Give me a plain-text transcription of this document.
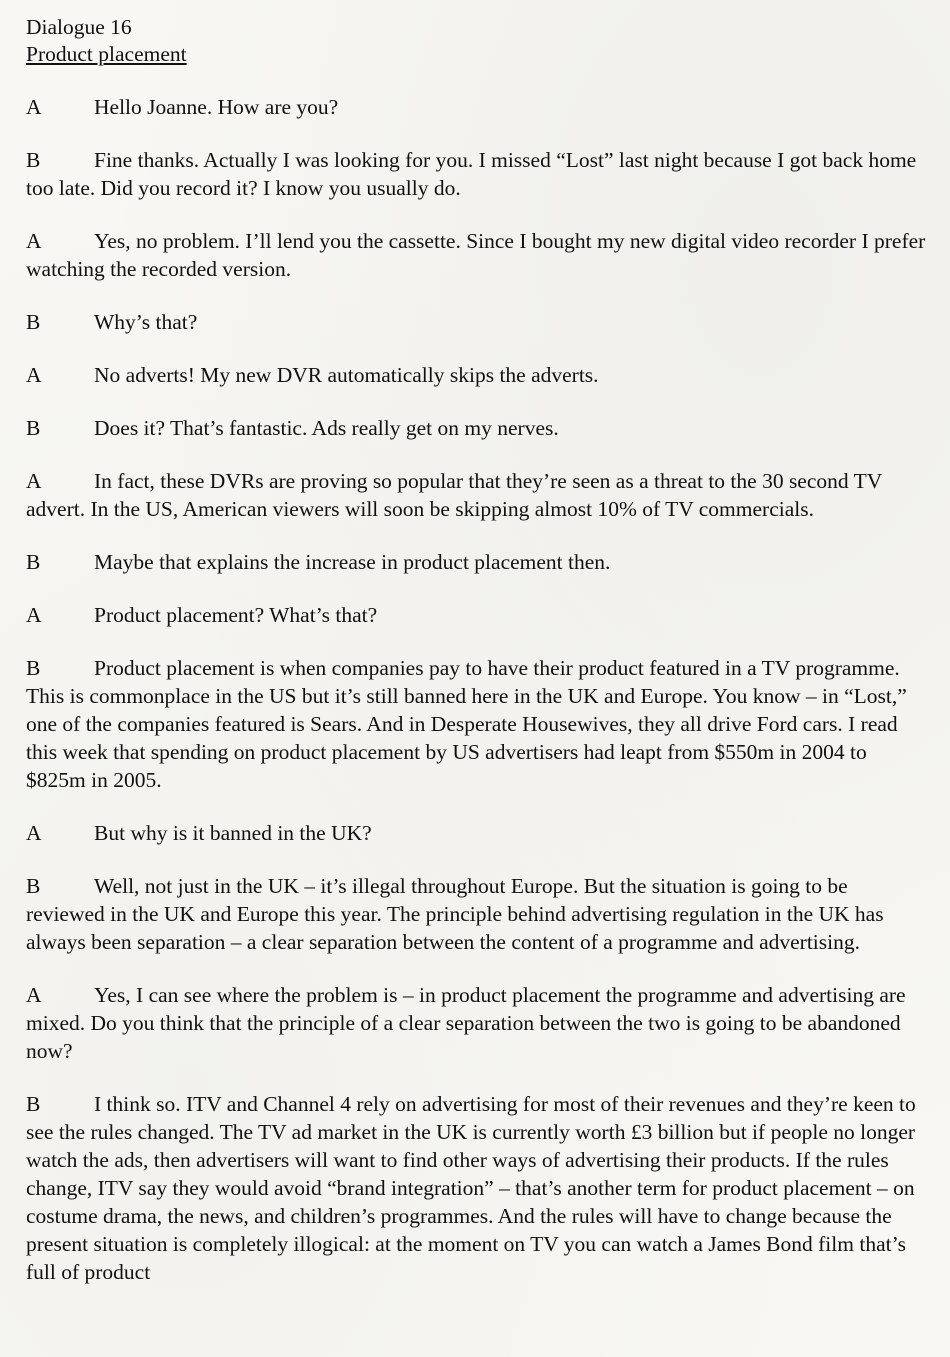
Dialogue 16
Product placement
A Hello Joanne. How are you?
B Fine thanks. Actually I was looking for you. I missed “Lost” last night because I got back home too late. Did you record it? I know you usually do.
A Yes, no problem. I’ll lend you the cassette. Since I bought my new digital video recorder I prefer watching the recorded version.
B Why’s that?
A No adverts! My new DVR automatically skips the adverts.
B Does it? That’s fantastic. Ads really get on my nerves.
A In fact, these DVRs are proving so popular that they’re seen as a threat to the 30 second TV advert. In the US, American viewers will soon be skipping almost 10% of TV commercials.
B Maybe that explains the increase in product placement then.
A Product placement? What’s that?
B Product placement is when companies pay to have their product featured in a TV programme. This is commonplace in the US but it’s still banned here in the UK and Europe. You know – in “Lost,” one of the companies featured is Sears. And in Desperate Housewives, they all drive Ford cars. I read this week that spending on product placement by US advertisers had leapt from $550m in 2004 to $825m in 2005.
A But why is it banned in the UK?
B Well, not just in the UK – it’s illegal throughout Europe. But the situation is going to be reviewed in the UK and Europe this year. The principle behind advertising regulation in the UK has always been separation – a clear separation between the content of a programme and advertising.
A Yes, I can see where the problem is – in product placement the programme and advertising are mixed. Do you think that the principle of a clear separation between the two is going to be abandoned now?
B I think so. ITV and Channel 4 rely on advertising for most of their revenues and they’re keen to see the rules changed. The TV ad market in the UK is currently worth £3 billion but if people no longer watch the ads, then advertisers will want to find other ways of advertising their products. If the rules change, ITV say they would avoid “brand integration” – that’s another term for product placement – on costume drama, the news, and children’s programmes. And the rules will have to change because the present situation is completely illogical: at the moment on TV you can watch a James Bond film that’s full of product
